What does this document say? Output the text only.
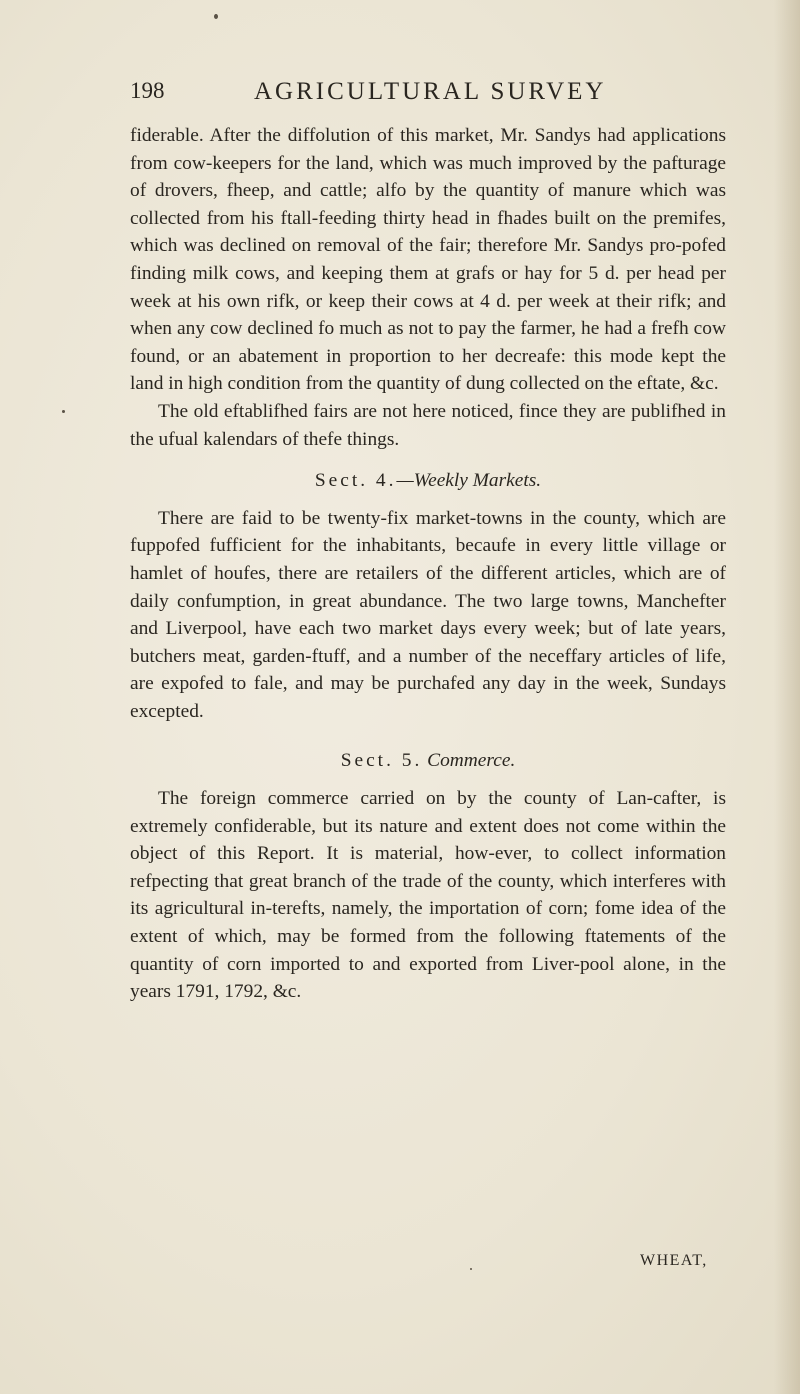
198	AGRICULTURAL SURVEY

fiderable. After the diffolution of this market, Mr. Sandys had applications from cow-keepers for the land, which was much improved by the pafturage of drovers, fheep, and cattle; alfo by the quantity of manure which was collected from his ftall-feeding thirty head in fhades built on the premifes, which was declined on removal of the fair; therefore Mr. Sandys pro-pofed finding milk cows, and keeping them at grafs or hay for 5 d. per head per week at his own rifk, or keep their cows at 4 d. per week at their rifk; and when any cow declined fo much as not to pay the farmer, he had a frefh cow found, or an abatement in proportion to her decreafe: this mode kept the land in high condition from the quantity of dung collected on the eftate, &c.

The old eftablifhed fairs are not here noticed, fince they are publifhed in the ufual kalendars of thefe things.

Sect. 4.—Weekly Markets.

There are faid to be twenty-fix market-towns in the county, which are fuppofed fufficient for the inhabitants, becaufe in every little village or hamlet of houfes, there are retailers of the different articles, which are of daily confumption, in great abundance. The two large towns, Manchefter and Liverpool, have each two market days every week; but of late years, butchers meat, garden-ftuff, and a number of the neceffary articles of life, are expofed to fale, and may be purchafed any day in the week, Sundays excepted.

Sect. 5. Commerce.

The foreign commerce carried on by the county of Lan-cafter, is extremely confiderable, but its nature and extent does not come within the object of this Report. It is material, how-ever, to collect information refpecting that great branch of the trade of the county, which interferes with its agricultural in-terefts, namely, the importation of corn; fome idea of the extent of which, may be formed from the following ftatements of the quantity of corn imported to and exported from Liver-pool alone, in the years 1791, 1792, &c.

WHEAT,
